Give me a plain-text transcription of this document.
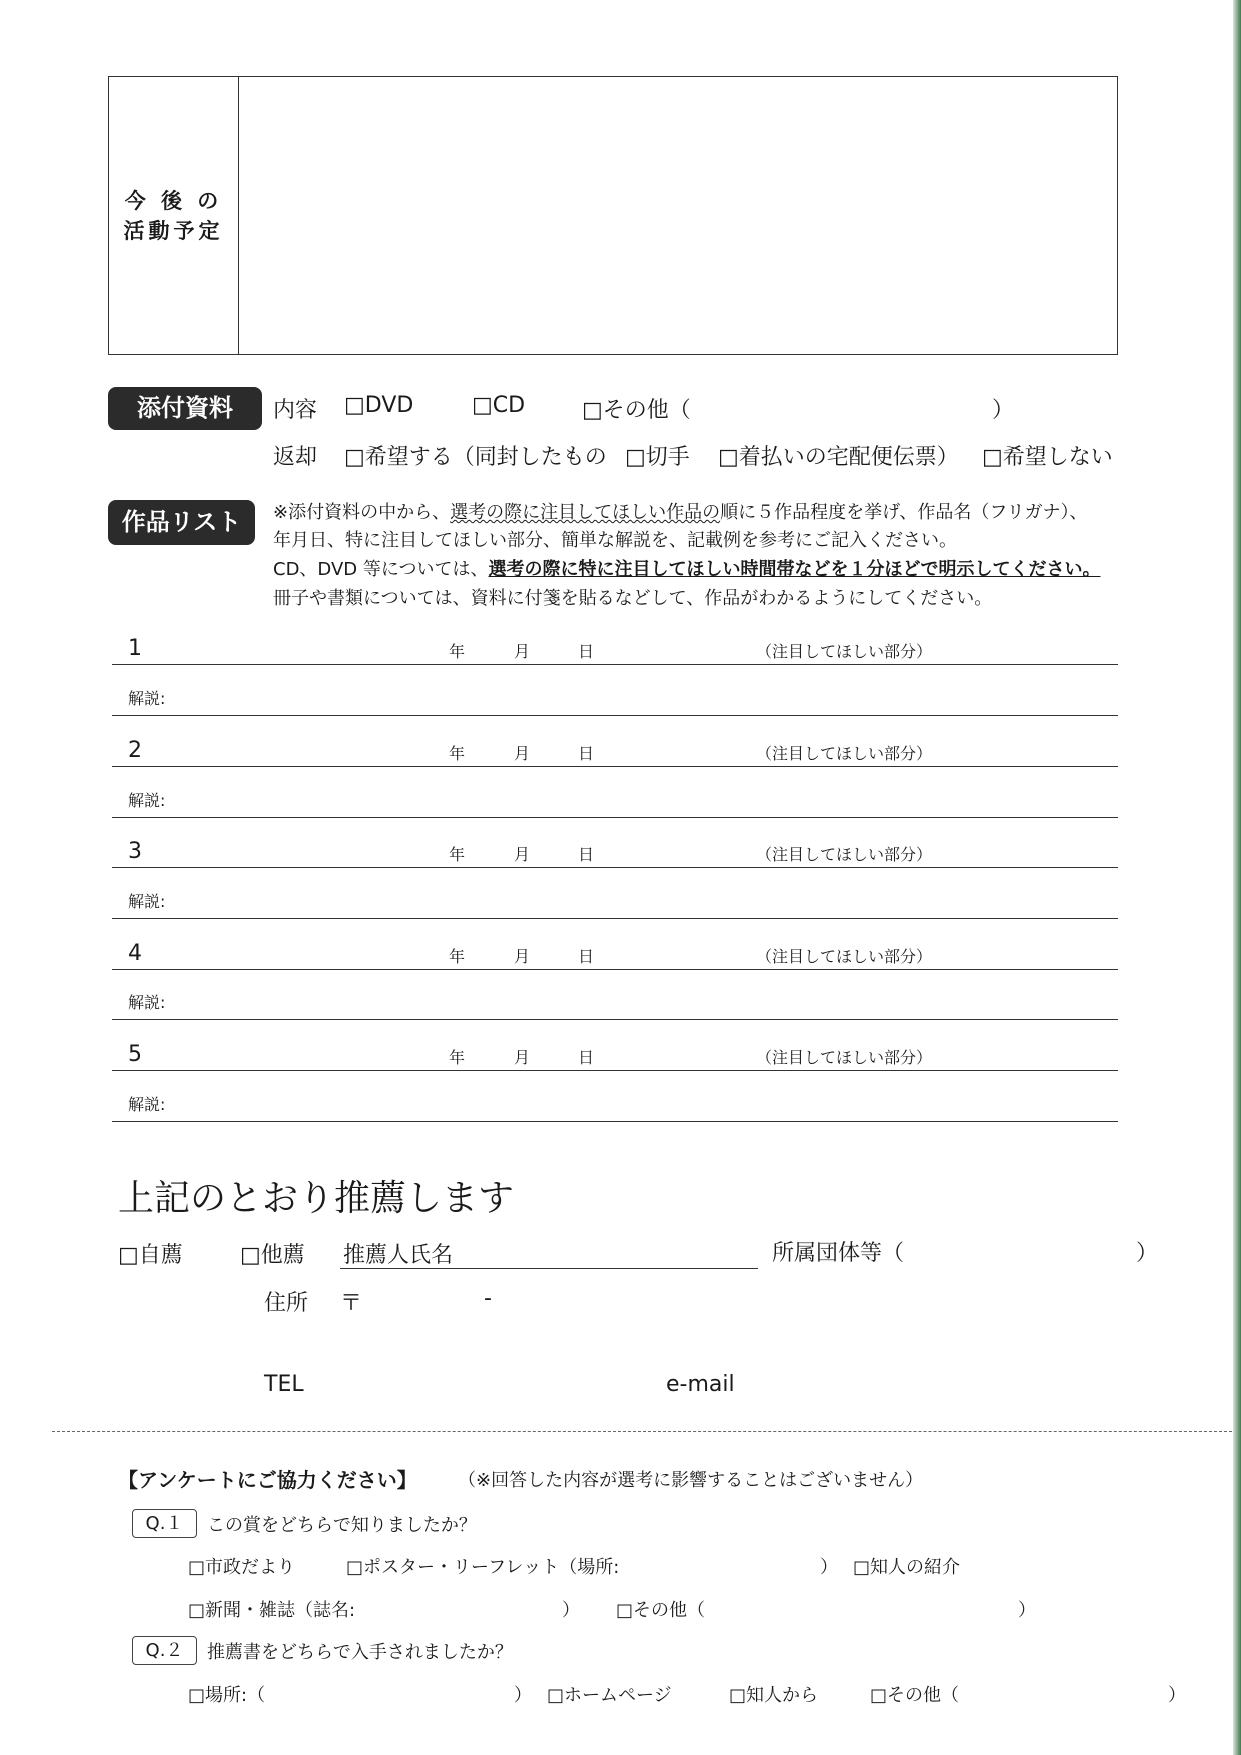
今 後 の
活動予定
添付資料	内容 □DVD	□CD	□その他（	）
返却 □希望する（同封したもの □切手 □着払いの宅配便伝票） □希望しない
作品リスト	※添付資料の中から、選考の際に注目してほしい作品の順に５作品程度を挙げ、作品名（フリガナ）、
年月日、特に注目してほしい部分、簡単な解説を、記載例を参考にご記入ください。
CD、DVD 等については、選考の際に特に注目してほしい時間帯などを１分ほどで明示してください。
冊子や書類については、資料に付箋を貼るなどして、作品がわかるようにしてください。
1	年	月	日	（注目してほしい部分）
解説:
2	年	月	日	（注目してほしい部分）
解説:
3	年	月	日	（注目してほしい部分）
解説:
4	年	月	日	（注目してほしい部分）
解説:
5	年	月	日	（注目してほしい部分）
解説:
上記のとおり推薦します
□自薦	□他薦 推薦人氏名	所属団体等（	）
住所 〒	-
TEL	e-mail
【アンケートにご協力ください】 （※回答した内容が選考に影響することはございません）
Q.１	この賞をどちらで知りましたか？
□市政だより	□ポスター・リーフレット（場所:	） □知人の紹介
□新聞・雑誌（誌名:	） □その他（	）
Q.２	推薦書をどちらで入手されましたか？
□場所:（	） □ホームページ	□知人から	□その他（	）
